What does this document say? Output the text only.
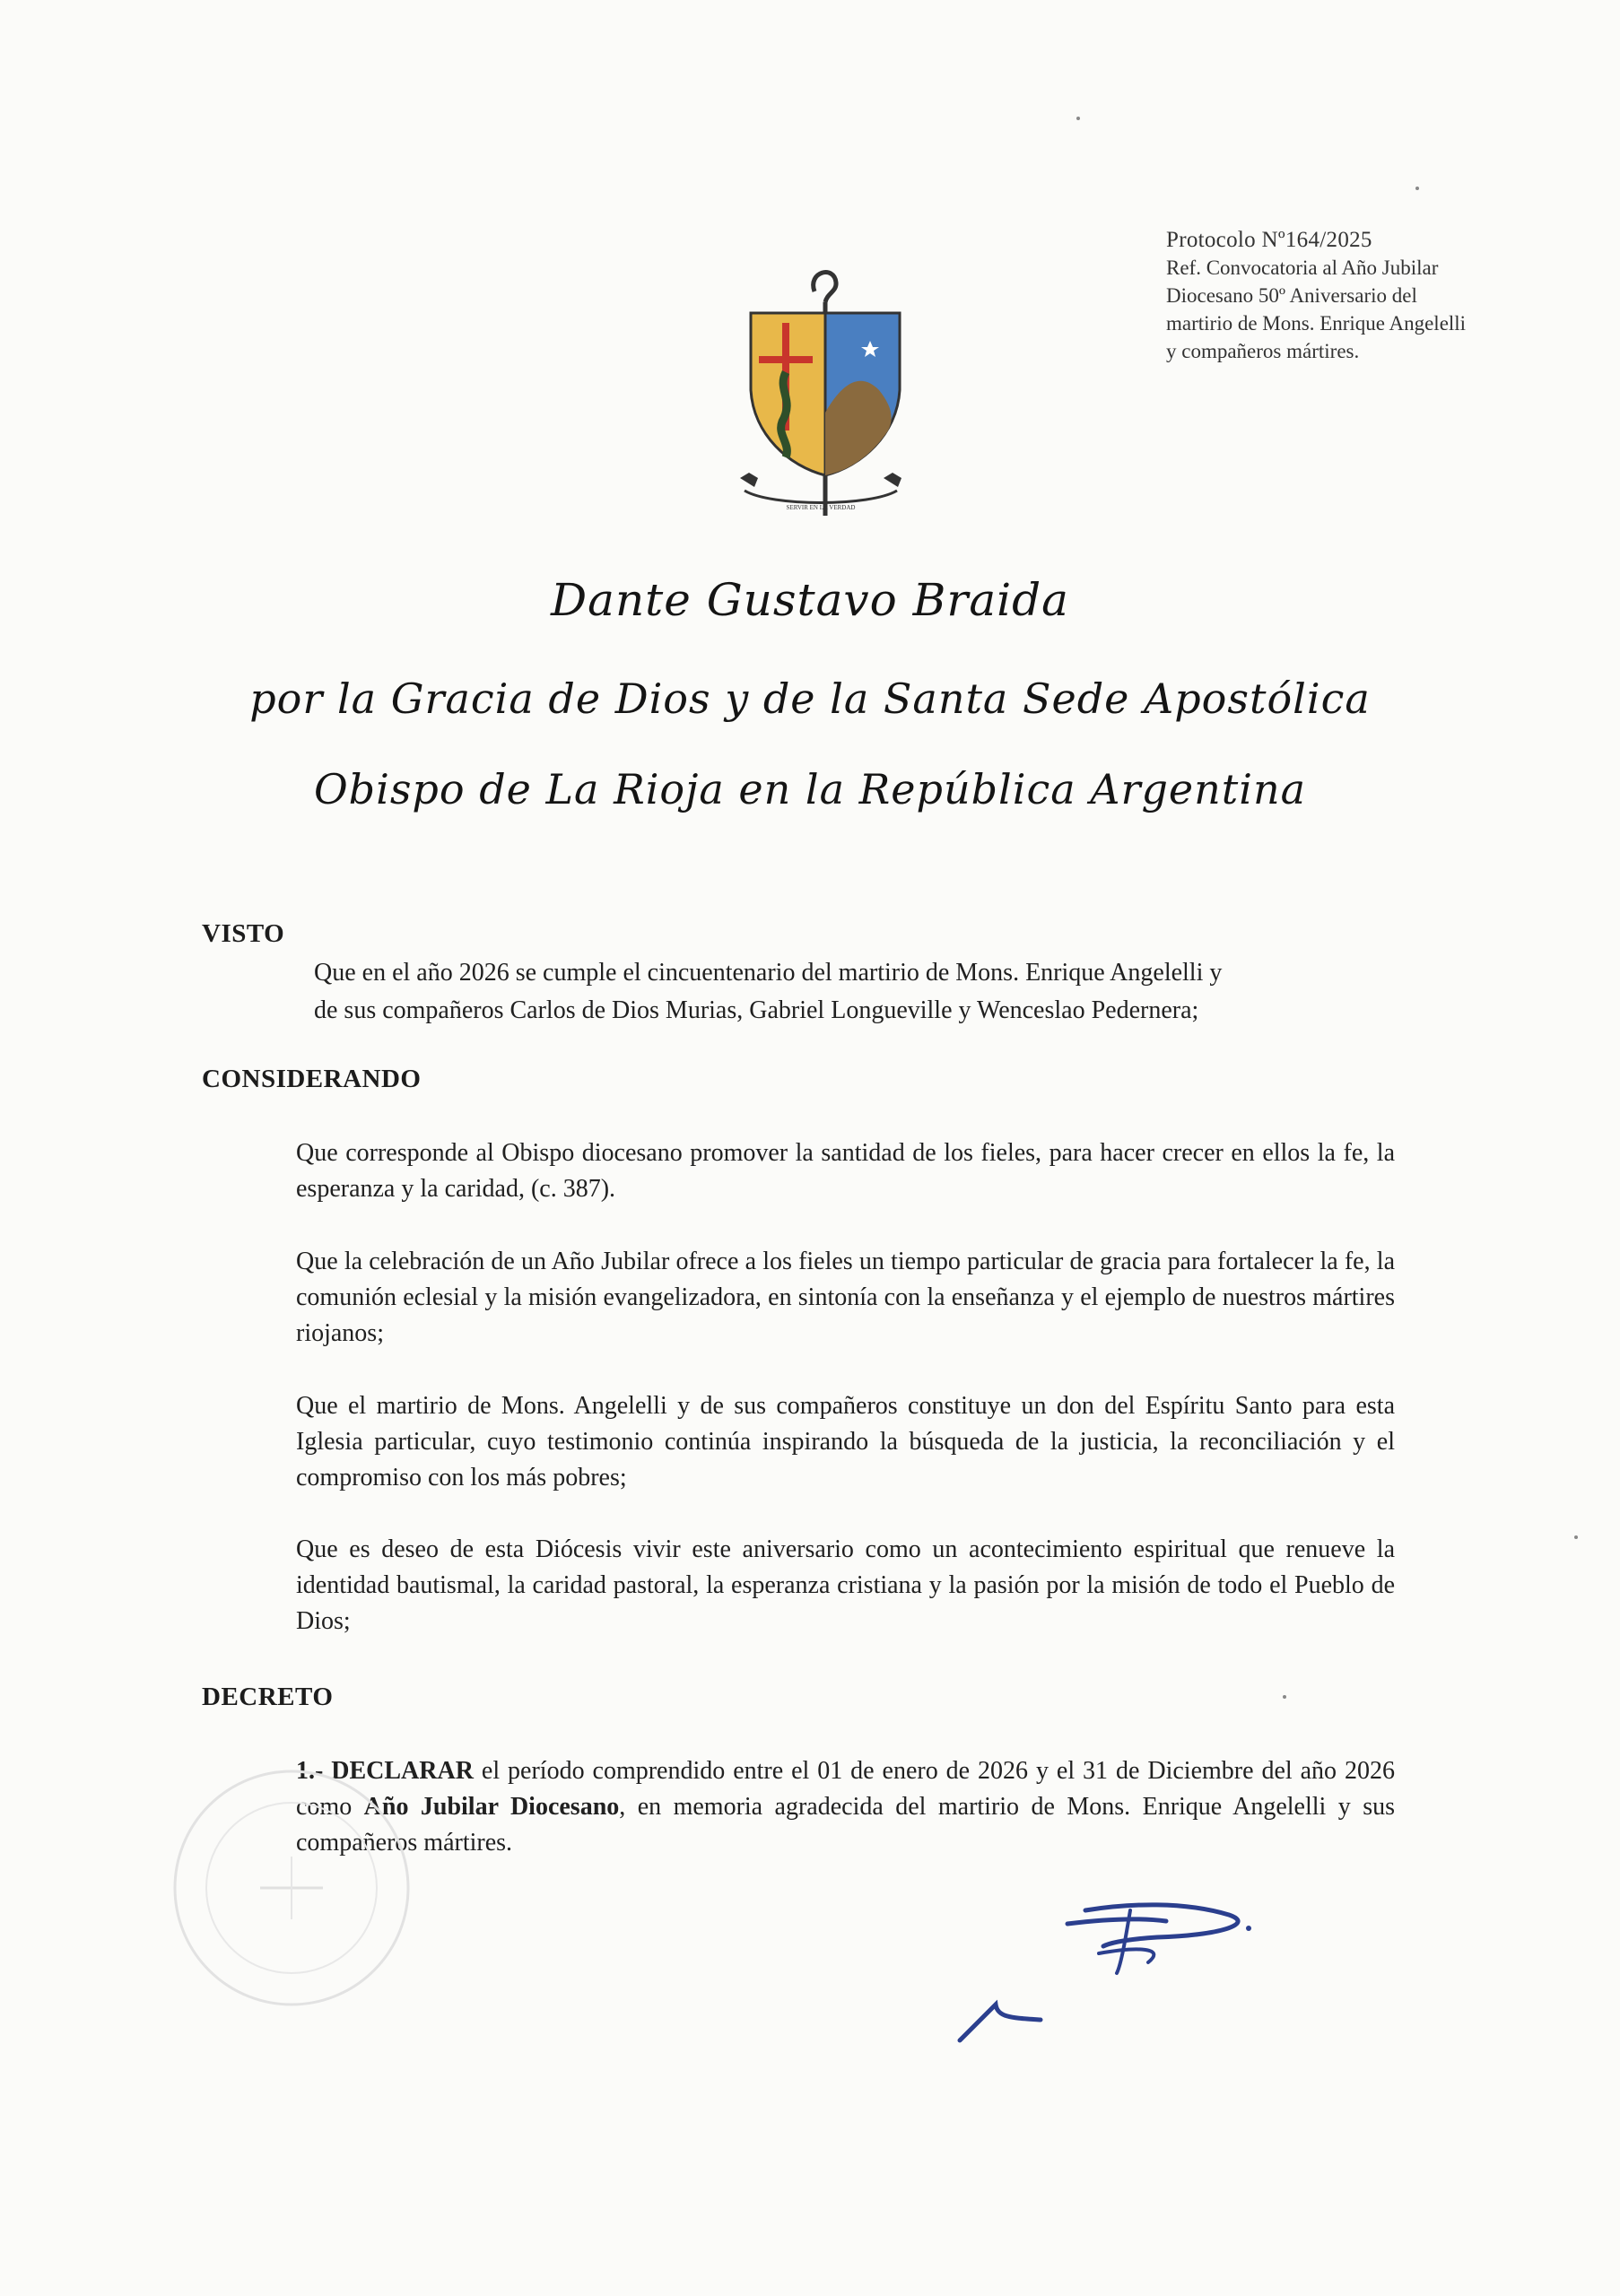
Protocolo Nº164/2025
Ref. Convocatoria al Año Jubilar
Diocesano 50º Aniversario del
martirio de Mons. Enrique Angelelli
y compañeros mártires.
SERVIR EN LA VERDAD
Dante Gustavo Braida
por la Gracia de Dios y de la Santa Sede Apostólica
Obispo de La Rioja en la República Argentina
VISTO
Que en el año 2026 se cumple el cincuentenario del martirio de Mons. Enrique Angelelli y
de sus compañeros Carlos de Dios Murias, Gabriel Longueville y Wenceslao Pedernera;
CONSIDERANDO
Que corresponde al Obispo diocesano promover la santidad de los fieles, para hacer crecer en ellos la fe, la esperanza y la caridad, (c. 387).
Que la celebración de un Año Jubilar ofrece a los fieles un tiempo particular de gracia para fortalecer la fe, la comunión eclesial y la misión evangelizadora, en sintonía con la enseñanza y el ejemplo de nuestros mártires riojanos;
Que el martirio de Mons. Angelelli y de sus compañeros constituye un don del Espíritu Santo para esta Iglesia particular, cuyo testimonio continúa inspirando la búsqueda de la justicia, la reconciliación y el compromiso con los más pobres;
Que es deseo de esta Diócesis vivir este aniversario como un acontecimiento espiritual que renueve la identidad bautismal, la caridad pastoral, la esperanza cristiana y la pasión por la misión de todo el Pueblo de Dios;
DECRETO
1.- DECLARAR el período comprendido entre el 01 de enero de 2026 y el 31 de Diciembre del año 2026 como Año Jubilar Diocesano, en memoria agradecida del martirio de Mons. Enrique Angelelli y sus compañeros mártires.
